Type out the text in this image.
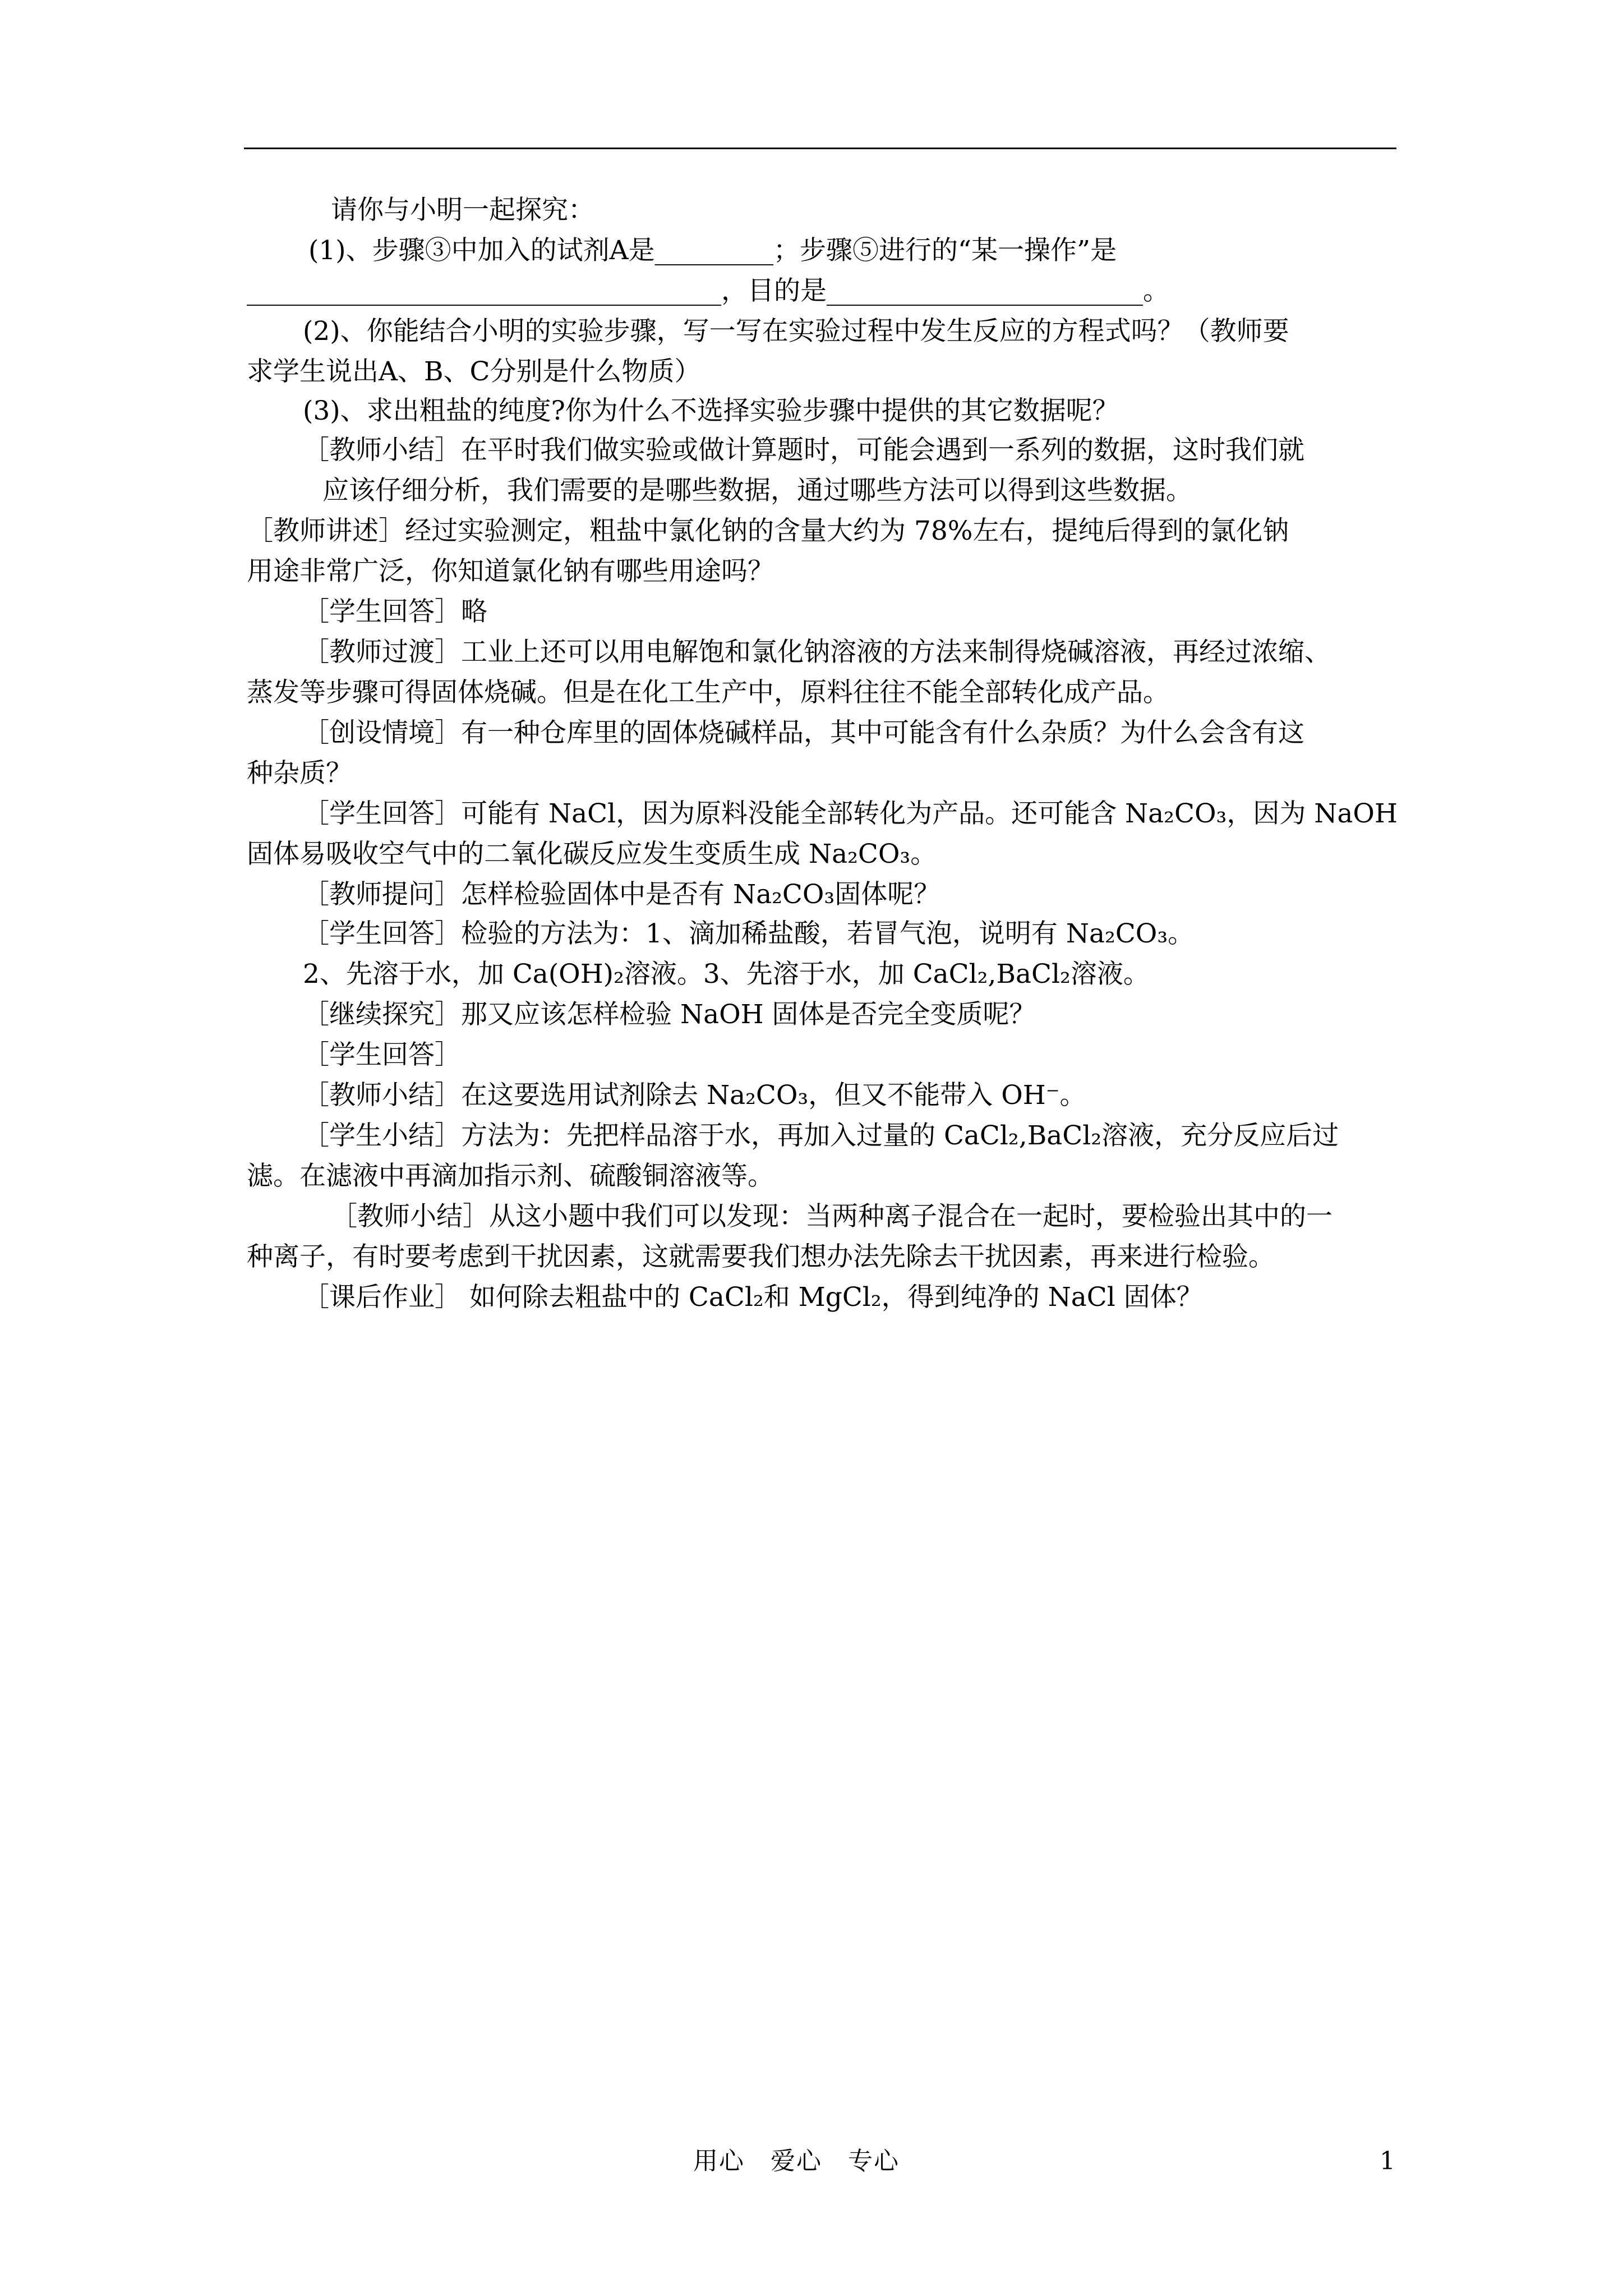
请你与小明一起探究：
(1)、步骤③中加入的试剂A是_________；步骤⑤进行的“某一操作”是
____________________________________，目的是________________________。
(2)、你能结合小明的实验步骤，写一写在实验过程中发生反应的方程式吗？（教师要
求学生说出A、B、C分别是什么物质）
(3)、求出粗盐的纯度?你为什么不选择实验步骤中提供的其它数据呢？
［教师小结］在平时我们做实验或做计算题时，可能会遇到一系列的数据，这时我们就
应该仔细分析，我们需要的是哪些数据，通过哪些方法可以得到这些数据。
［教师讲述］经过实验测定，粗盐中氯化钠的含量大约为 78%左右，提纯后得到的氯化钠
用途非常广泛，你知道氯化钠有哪些用途吗？
［学生回答］略
［教师过渡］工业上还可以用电解饱和氯化钠溶液的方法来制得烧碱溶液，再经过浓缩、
蒸发等步骤可得固体烧碱。但是在化工生产中，原料往往不能全部转化成产品。
［创设情境］有一种仓库里的固体烧碱样品，其中可能含有什么杂质？为什么会含有这
种杂质？
［学生回答］可能有 NaCl，因为原料没能全部转化为产品。还可能含 Na₂CO₃，因为 NaOH
固体易吸收空气中的二氧化碳反应发生变质生成 Na₂CO₃。
［教师提问］怎样检验固体中是否有 Na₂CO₃固体呢？
［学生回答］检验的方法为：1、滴加稀盐酸，若冒气泡，说明有 Na₂CO₃。
2、先溶于水，加 Ca(OH)₂溶液。3、先溶于水，加 CaCl₂,BaCl₂溶液。
［继续探究］那又应该怎样检验 NaOH 固体是否完全变质呢？
［学生回答］
［教师小结］在这要选用试剂除去 Na₂CO₃，但又不能带入 OH⁻。
［学生小结］方法为：先把样品溶于水，再加入过量的 CaCl₂,BaCl₂溶液，充分反应后过
滤。在滤液中再滴加指示剂、硫酸铜溶液等。
［教师小结］从这小题中我们可以发现：当两种离子混合在一起时，要检验出其中的一
种离子，有时要考虑到干扰因素，这就需要我们想办法先除去干扰因素，再来进行检验。
［课后作业］ 如何除去粗盐中的 CaCl₂和 MgCl₂，得到纯净的 NaCl 固体？
用心　爱心　专心	1
